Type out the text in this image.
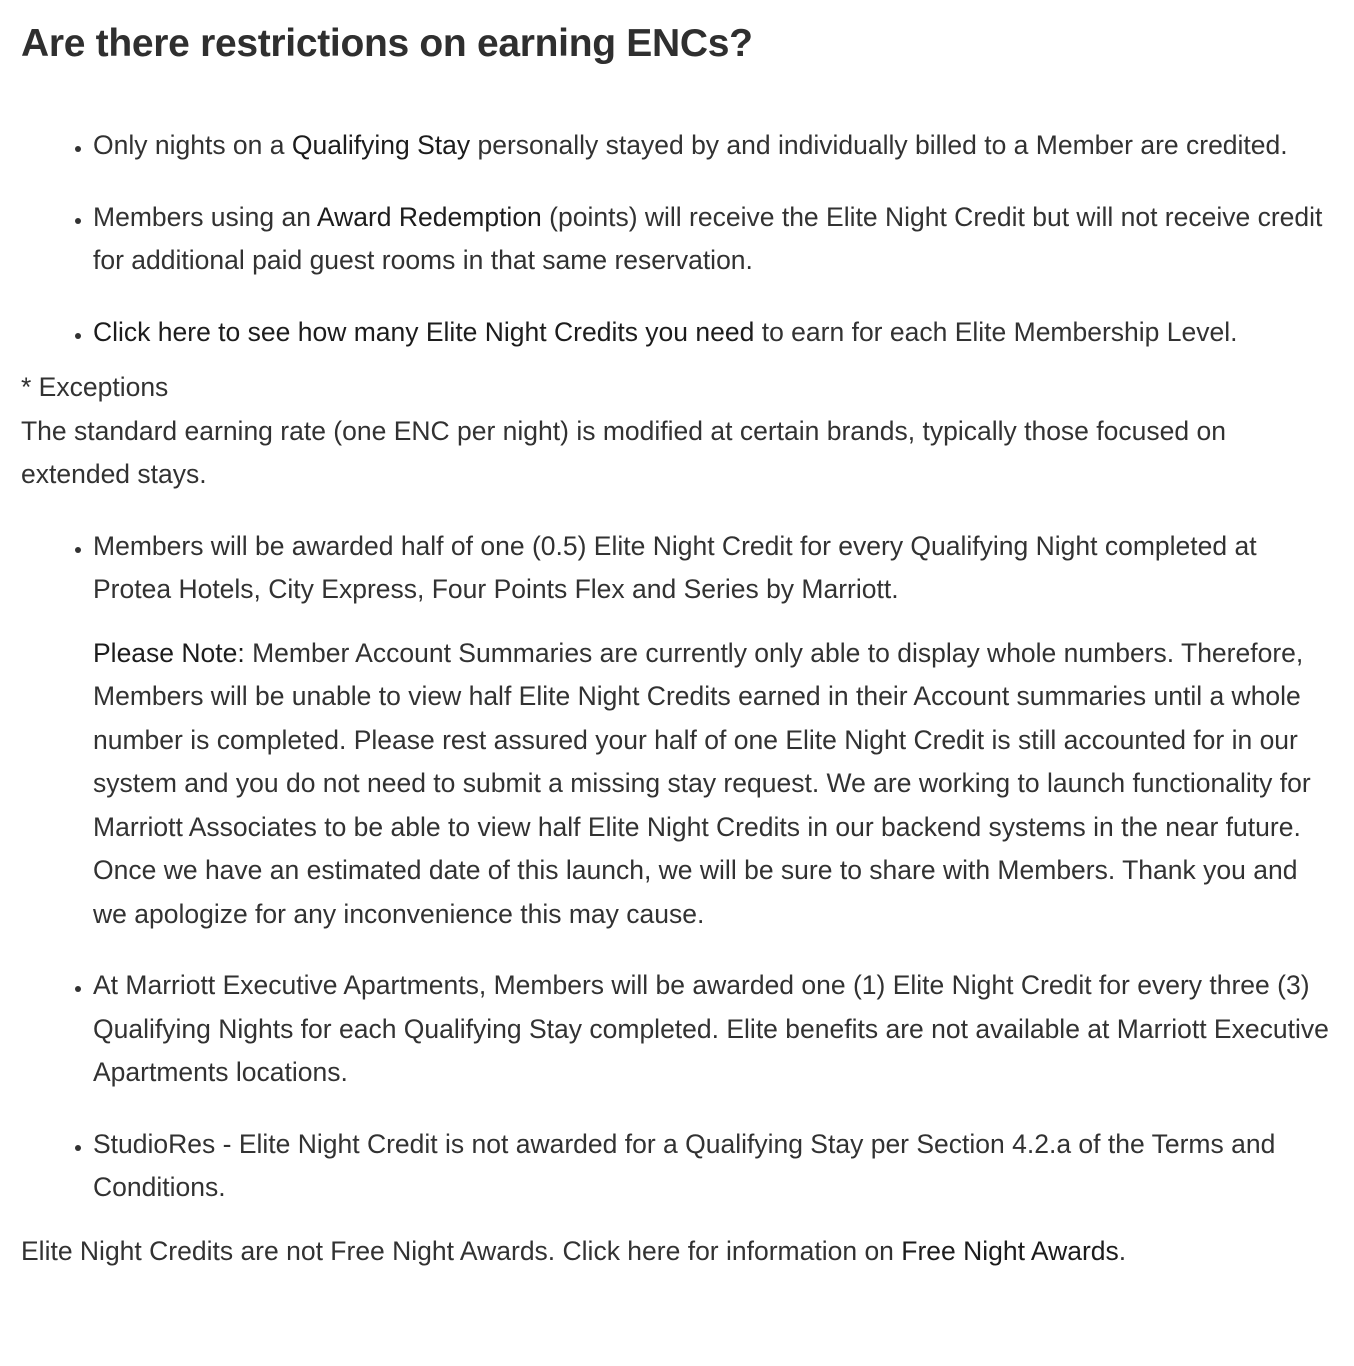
Are there restrictions on earning ENCs?
• Only nights on a Qualifying Stay personally stayed by and individually billed to a Member are credited.
• Members using an Award Redemption (points) will receive the Elite Night Credit but will not receive credit for additional paid guest rooms in that same reservation.
• Click here to see how many Elite Night Credits you need to earn for each Elite Membership Level.

* Exceptions

The standard earning rate (one ENC per night) is modified at certain brands, typically those focused on extended stays.

• Members will be awarded half of one (0.5) Elite Night Credit for every Qualifying Night completed at Protea Hotels, City Express, Four Points Flex and Series by Marriott.
Please Note: Member Account Summaries are currently only able to display whole numbers. Therefore, Members will be unable to view half Elite Night Credits earned in their Account summaries until a whole number is completed. Please rest assured your half of one Elite Night Credit is still accounted for in our system and you do not need to submit a missing stay request. We are working to launch functionality for Marriott Associates to be able to view half Elite Night Credits in our backend systems in the near future. Once we have an estimated date of this launch, we will be sure to share with Members. Thank you and we apologize for any inconvenience this may cause.
• At Marriott Executive Apartments, Members will be awarded one (1) Elite Night Credit for every three (3) Qualifying Nights for each Qualifying Stay completed. Elite benefits are not available at Marriott Executive Apartments locations.
• StudioRes - Elite Night Credit is not awarded for a Qualifying Stay per Section 4.2.a of the Terms and Conditions.

Elite Night Credits are not Free Night Awards. Click here for information on Free Night Awards.
